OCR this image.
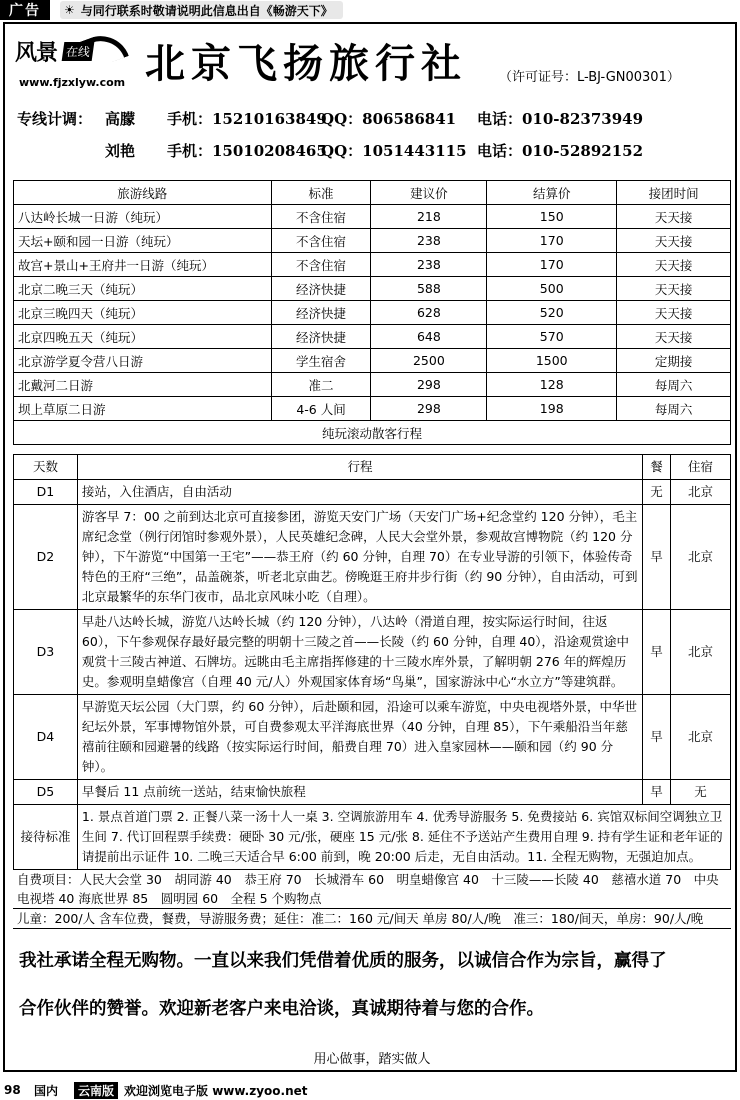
广告	☀ 与同行联系时敬请说明此信息出自《畅游天下》
风景 在线
www.fjzxlyw.com 北京飞扬旅行社 （许可证号：L-BJ-GN00301）
专线计调： 高朦 手机：15210163849
QQ：806586841 电话：010-82373949
刘艳 手机：15010208465
QQ：1051443115 电话：010-52892152
旅游线路	标准	建议价	结算价	接团时间
八达岭长城一日游（纯玩）	不含住宿	218	150	天天接
天坛+颐和园一日游（纯玩）	不含住宿	238	170	天天接
故宫+景山+王府井一日游（纯玩）	不含住宿	238	170	天天接
北京二晚三天（纯玩）	经济快捷	588	500	天天接
北京三晚四天（纯玩）	经济快捷	628	520	天天接
北京四晚五天（纯玩）	经济快捷	648	570	天天接
北京游学夏令营八日游	学生宿舍	2500	1500	定期接
北戴河二日游	准二	298	128	每周六
坝上草原二日游	4-6 人间	298	198	每周六
纯玩滚动散客行程				
天数	行程	餐	住宿
D1	接站，入住酒店，自由活动	无	北京
D2	游客早 7：00 之前到达北京可直接参团，游览天安门广场（天安门广场+纪念堂约 120 分钟），毛主席纪念堂（例行闭馆时参观外景），人民英雄纪念碑，人民大会堂外景，参观故宫博物院（约 120 分钟），下午游览“中国第一王宅”——恭王府（约 60 分钟，自理 70）在专业导游的引领下，体验传奇特色的王府“三绝”，品盖碗茶，听老北京曲艺。傍晚逛王府井步行街（约 90 分钟），自由活动，可到北京最繁华的东华门夜市，品北京风味小吃（自理）。	早	北京
D3	早赴八达岭长城，游览八达岭长城（约 120 分钟），八达岭（滑道自理，按实际运行时间，往返 60），下午参观保存最好最完整的明朝十三陵之首——长陵（约 60 分钟，自理 40），沿途观赏途中观赏十三陵古神道、石牌坊。远眺由毛主席指挥修建的十三陵水库外景，了解明朝 276 年的辉煌历史。参观明皇蜡像宫（自理 40 元/人）外观国家体育场“鸟巢”，国家游泳中心“水立方”等建筑群。	早	北京
D4	早游览天坛公园（大门票，约 60 分钟），后赴颐和园，沿途可以乘车游览，中央电视塔外景，中华世纪坛外景，军事博物馆外景，可自费参观太平洋海底世界（40 分钟，自理 85），下午乘船沿当年慈禧前往颐和园避暑的线路（按实际运行时间，船费自理 70）进入皇家园林——颐和园（约 90 分钟）。	早	北京
D5	早餐后 11 点前统一送站，结束愉快旅程	早	无
接待标准	1. 景点首道门票 2. 正餐八菜一汤十人一桌 3. 空调旅游用车 4. 优秀导游服务 5. 免费接站 6. 宾馆双标间空调独立卫生间 7. 代订回程票手续费：硬卧 30 元/张，硬座 15 元/张 8. 延住不予送站产生费用自理 9. 持有学生证和老年证的请提前出示证件 10. 二晚三天适合早 6:00 前到，晚 20:00 后走，无自由活动。11. 全程无购物，无强迫加点。		
自费项目：人民大会堂 30　胡同游 40　恭王府 70　长城滑车 60　明皇蜡像宫 40　十三陵——长陵 40　慈禧水道 70　中央电视塔 40 海底世界 85　圆明园 60　全程 5 个购物点
儿童：200/人 含车位费，餐费，导游服务费；延住：准二：160 元/间天 单房 80/人/晚　准三：180/间天，单房：90/人/晚
我社承诺全程无购物。一直以来我们凭借着优质的服务，以诚信合作为宗旨，赢得了
合作伙伴的赞誉。欢迎新老客户来电洽谈，真诚期待着与您的合作。
用心做事，踏实做人
98	国内	云南版 欢迎浏览电子版 www.zyoo.net
